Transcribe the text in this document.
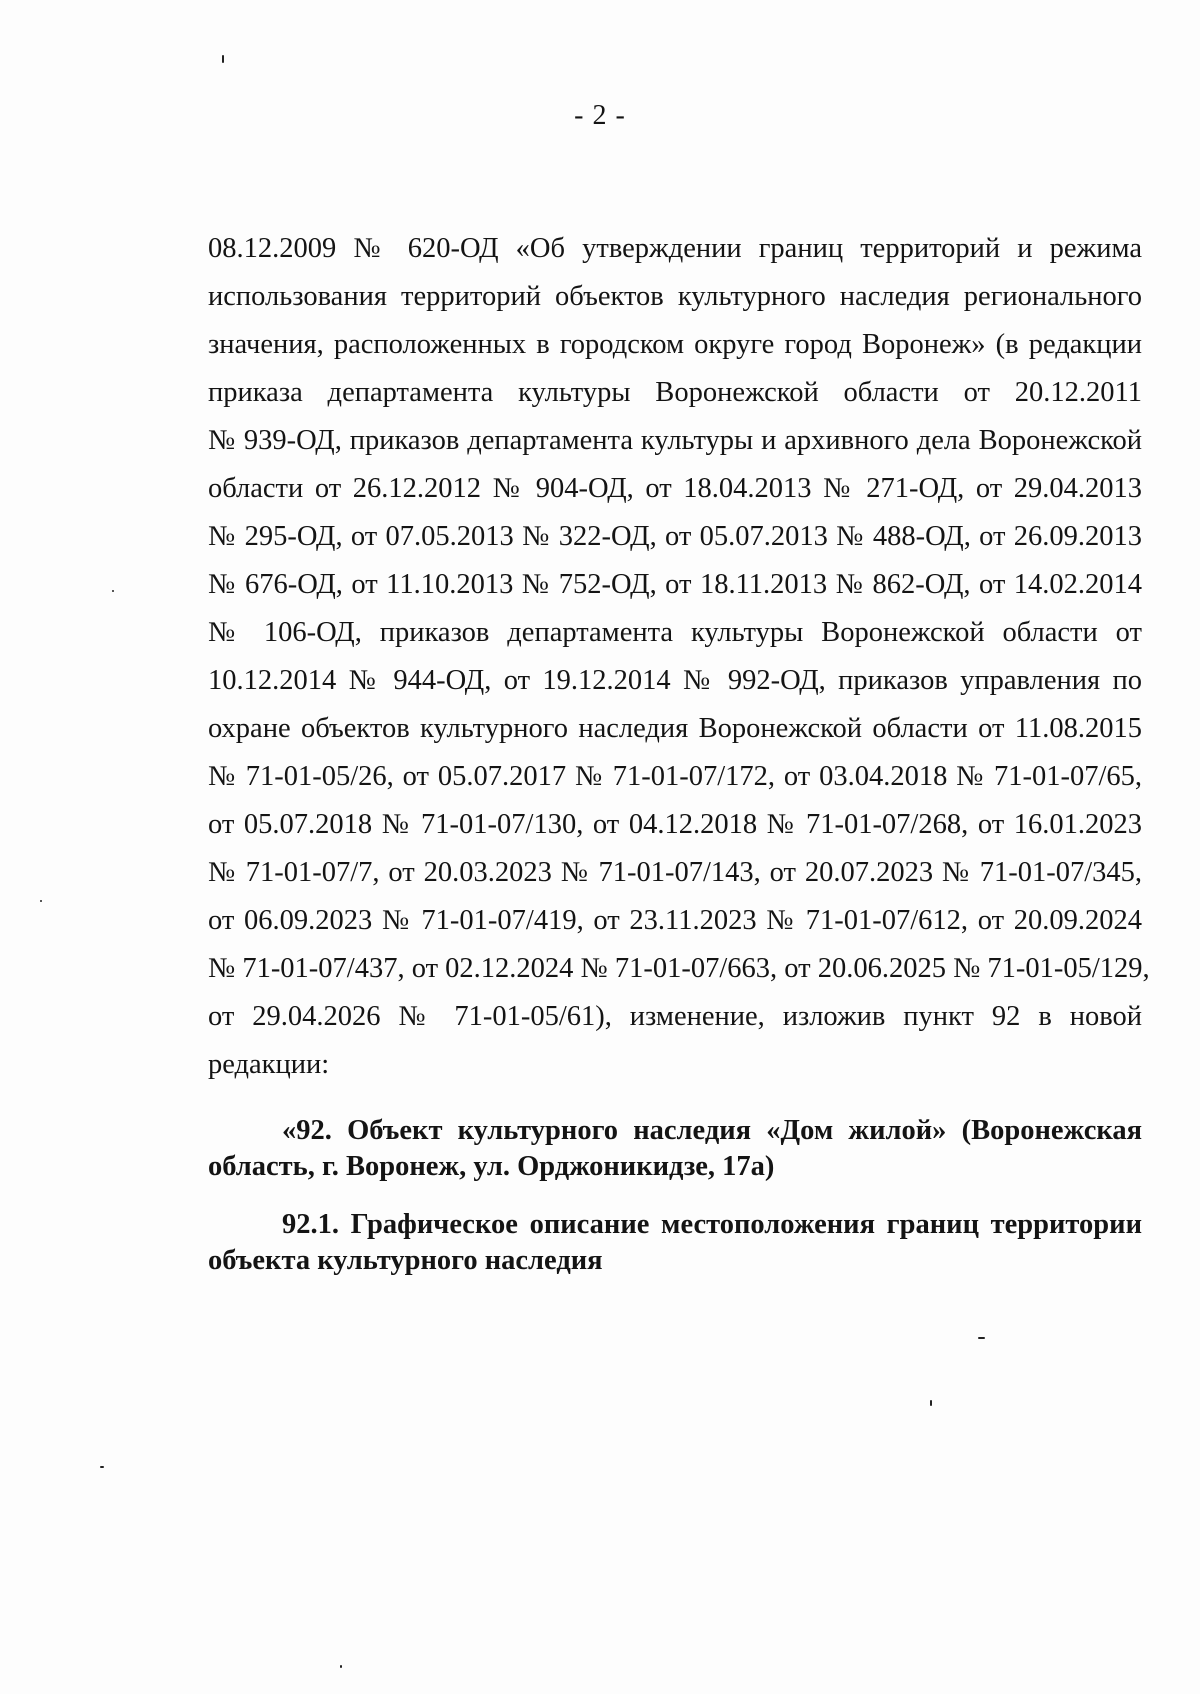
- 2 -
08.12.2009 № 620-ОД «Об утверждении границ территорий и режима
использования территорий объектов культурного наследия регионального
значения, расположенных в городском округе город Воронеж» (в редакции
приказа департамента культуры Воронежской области от 20.12.2011
№ 939-ОД, приказов департамента культуры и архивного дела Воронежской
области от 26.12.2012 № 904-ОД, от 18.04.2013 № 271-ОД, от 29.04.2013
№ 295-ОД, от 07.05.2013 № 322-ОД, от 05.07.2013 № 488-ОД, от 26.09.2013
№ 676-ОД, от 11.10.2013 № 752-ОД, от 18.11.2013 № 862-ОД, от 14.02.2014
№ 106-ОД, приказов департамента культуры Воронежской области от
10.12.2014 № 944-ОД, от 19.12.2014 № 992-ОД, приказов управления по
охране объектов культурного наследия Воронежской области от 11.08.2015
№ 71-01-05/26, от 05.07.2017 № 71-01-07/172, от 03.04.2018 № 71-01-07/65,
от 05.07.2018 № 71-01-07/130, от 04.12.2018 № 71-01-07/268, от 16.01.2023
№ 71-01-07/7, от 20.03.2023 № 71-01-07/143, от 20.07.2023 № 71-01-07/345,
от 06.09.2023 № 71-01-07/419, от 23.11.2023 № 71-01-07/612, от 20.09.2024
№ 71-01-07/437, от 02.12.2024 № 71-01-07/663, от 20.06.2025 № 71-01-05/129,
от 29.04.2026 № 71-01-05/61), изменение, изложив пункт 92 в новой
редакции:
«92. Объект культурного наследия «Дом жилой» (Воронежская
область, г. Воронеж, ул. Орджоникидзе, 17а)
92.1. Графическое описание местоположения границ территории
объекта культурного наследия
